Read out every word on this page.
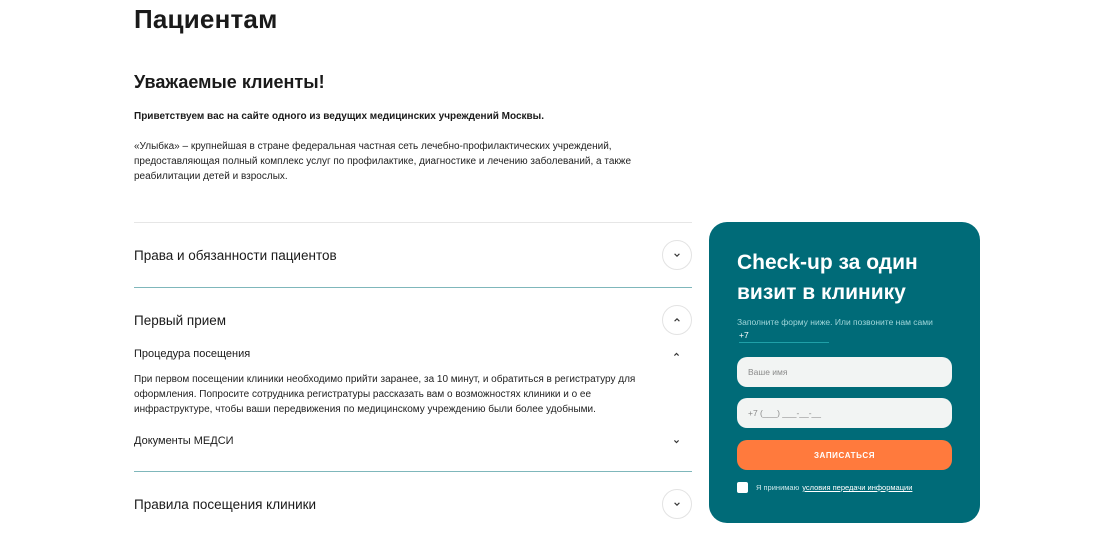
Пациентам
Уважаемые клиенты!

Приветствуем вас на сайте одного из ведущих медицинских учреждений Москвы.

«Улыбка» – крупнейшая в стране федеральная частная сеть лечебно-профилактических учреждений, предоставляющая полный комплекс услуг по профилактике, диагностике и лечению заболеваний, а также реабилитации детей и взрослых.

Права и обязанности пациентов
Первый прием
Процедура посещения

При первом посещении клиники необходимо прийти заранее, за 10 минут, и обратиться в регистратуру для оформления. Попросите сотрудника регистратуры рассказать вам о возможностях клиники и о ее инфраструктуре, чтобы ваши передвижения по медицинскому учреждению были более удобными.

Документы МЕДСИ
Правила посещения клиники
Check-up за один визит в клинику
Заполните форму ниже. Или позвоните нам сами +7
Ваше имя
+7 (___) ___-__-__
ЗАПИСАТЬСЯ
Я принимаю условия передачи информации
